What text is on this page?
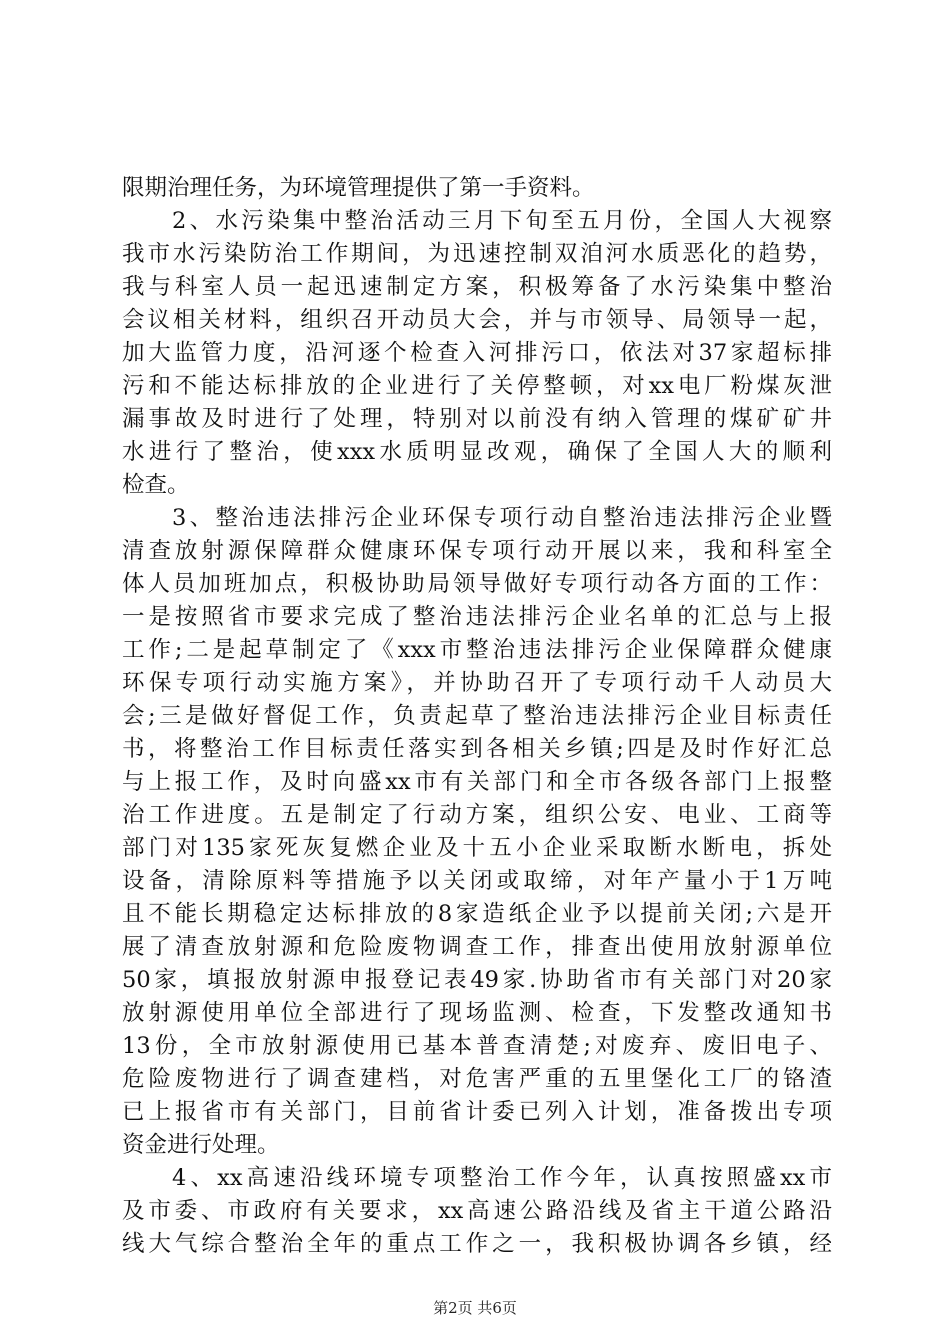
限期治理任务，为环境管理提供了第一手资料。
2、水污染集中整治活动三月下旬至五月份，全国人大视察
我市水污染防治工作期间，为迅速控制双洎河水质恶化的趋势，
我与科室人员一起迅速制定方案，积极筹备了水污染集中整治
会议相关材料，组织召开动员大会，并与市领导、局领导一起，
加大监管力度，沿河逐个检查入河排污口，依法对37家超标排
污和不能达标排放的企业进行了关停整顿，对xx电厂粉煤灰泄
漏事故及时进行了处理，特别对以前没有纳入管理的煤矿矿井
水进行了整治，使xxx水质明显改观，确保了全国人大的顺利
检查。
3、整治违法排污企业环保专项行动自整治违法排污企业暨
清查放射源保障群众健康环保专项行动开展以来，我和科室全
体人员加班加点，积极协助局领导做好专项行动各方面的工作：
一是按照省市要求完成了整治违法排污企业名单的汇总与上报
工作;二是起草制定了《xxx市整治违法排污企业保障群众健康
环保专项行动实施方案》，并协助召开了专项行动千人动员大
会;三是做好督促工作，负责起草了整治违法排污企业目标责任
书，将整治工作目标责任落实到各相关乡镇;四是及时作好汇总
与上报工作，及时向盛xx市有关部门和全市各级各部门上报整
治工作进度。五是制定了行动方案，组织公安、电业、工商等
部门对135家死灰复燃企业及十五小企业采取断水断电，拆处
设备，清除原料等措施予以关闭或取缔，对年产量小于1万吨
且不能长期稳定达标排放的8家造纸企业予以提前关闭;六是开
展了清查放射源和危险废物调查工作，排查出使用放射源单位
50家，填报放射源申报登记表49家.协助省市有关部门对20家
放射源使用单位全部进行了现场监测、检查，下发整改通知书
13份，全市放射源使用已基本普查清楚;对废弃、废旧电子、
危险废物进行了调查建档，对危害严重的五里堡化工厂的铬渣
已上报省市有关部门，目前省计委已列入计划，准备拨出专项
资金进行处理。
4、xx高速沿线环境专项整治工作今年，认真按照盛xx市
及市委、市政府有关要求，xx高速公路沿线及省主干道公路沿
线大气综合整治全年的重点工作之一，我积极协调各乡镇，经
第2页 共6页
